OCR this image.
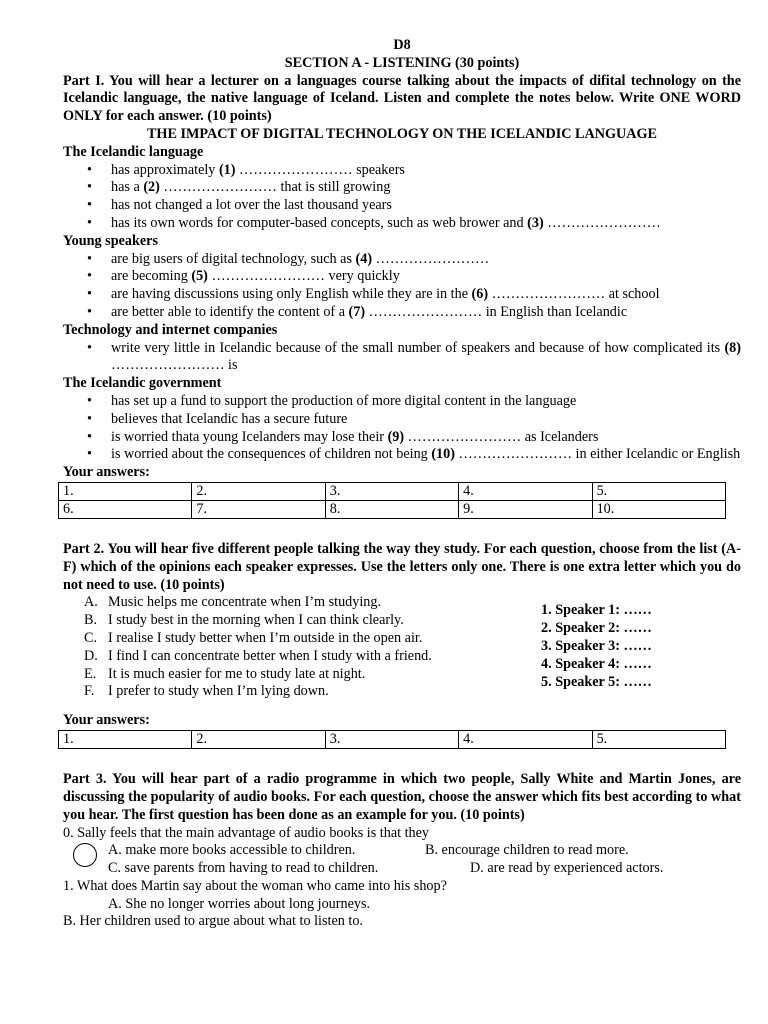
D8
SECTION A - LISTENING (30 points)
Part I. You will hear a lecturer on a languages course talking about the impacts of difital technology on the Icelandic language, the native language of Iceland. Listen and complete the notes below. Write ONE WORD ONLY for each answer. (10 points)
THE IMPACT OF DIGITAL TECHNOLOGY ON THE ICELANDIC LANGUAGE
The Icelandic language
• has approximately (1) …………………… speakers
• has a (2) …………………… that is still growing
• has not changed a lot over the last thousand years
• has its own words for computer-based concepts, such as web brower and (3) ……………………
Young speakers
• are big users of digital technology, such as (4) ……………………
• are becoming (5) …………………… very quickly
• are having discussions using only English while they are in the (6) …………………… at school
• are better able to identify the content of a (7) …………………… in English than Icelandic
Technology and internet companies
• write very little in Icelandic because of the small number of speakers and because of how complicated its (8) …………………… is
The Icelandic government
• has set up a fund to support the production of more digital content in the language
• believes that Icelandic has a secure future
• is worried thata young Icelanders may lose their (9) …………………… as Icelanders
• is worried about the consequences of children not being (10) …………………… in either Icelandic or English
Your answers:
1.	2.	3.	4.	5.
6.	7.	8.	9.	10.
Part 2. You will hear five different people talking the way they study. For each question, choose from the list (A-F) which of the opinions each speaker expresses. Use the letters only one. There is one extra letter which you do not need to use. (10 points)
A. Music helps me concentrate when I’m studying.
B. I study best in the morning when I can think clearly.
C. I realise I study better when I’m outside in the open air.
D. I find I can concentrate better when I study with a friend.
E. It is much easier for me to study late at night.
F. I prefer to study when I’m lying down.
1. Speaker 1: ……
2. Speaker 2: ……
3. Speaker 3: ……
4. Speaker 4: ……
5. Speaker 5: ……
Your answers:
1.	2.	3.	4.	5.
Part 3. You will hear part of a radio programme in which two people, Sally White and Martin Jones, are discussing the popularity of audio books. For each question, choose the answer which fits best according to what you hear. The first question has been done as an example for you. (10 points)
0. Sally feels that the main advantage of audio books is that they
A. make more books accessible to children.	B. encourage children to read more.
C. save parents from having to read to children.	D. are read by experienced actors.
1. What does Martin say about the woman who came into his shop?
A. She no longer worries about long journeys.
B. Her children used to argue about what to listen to.
